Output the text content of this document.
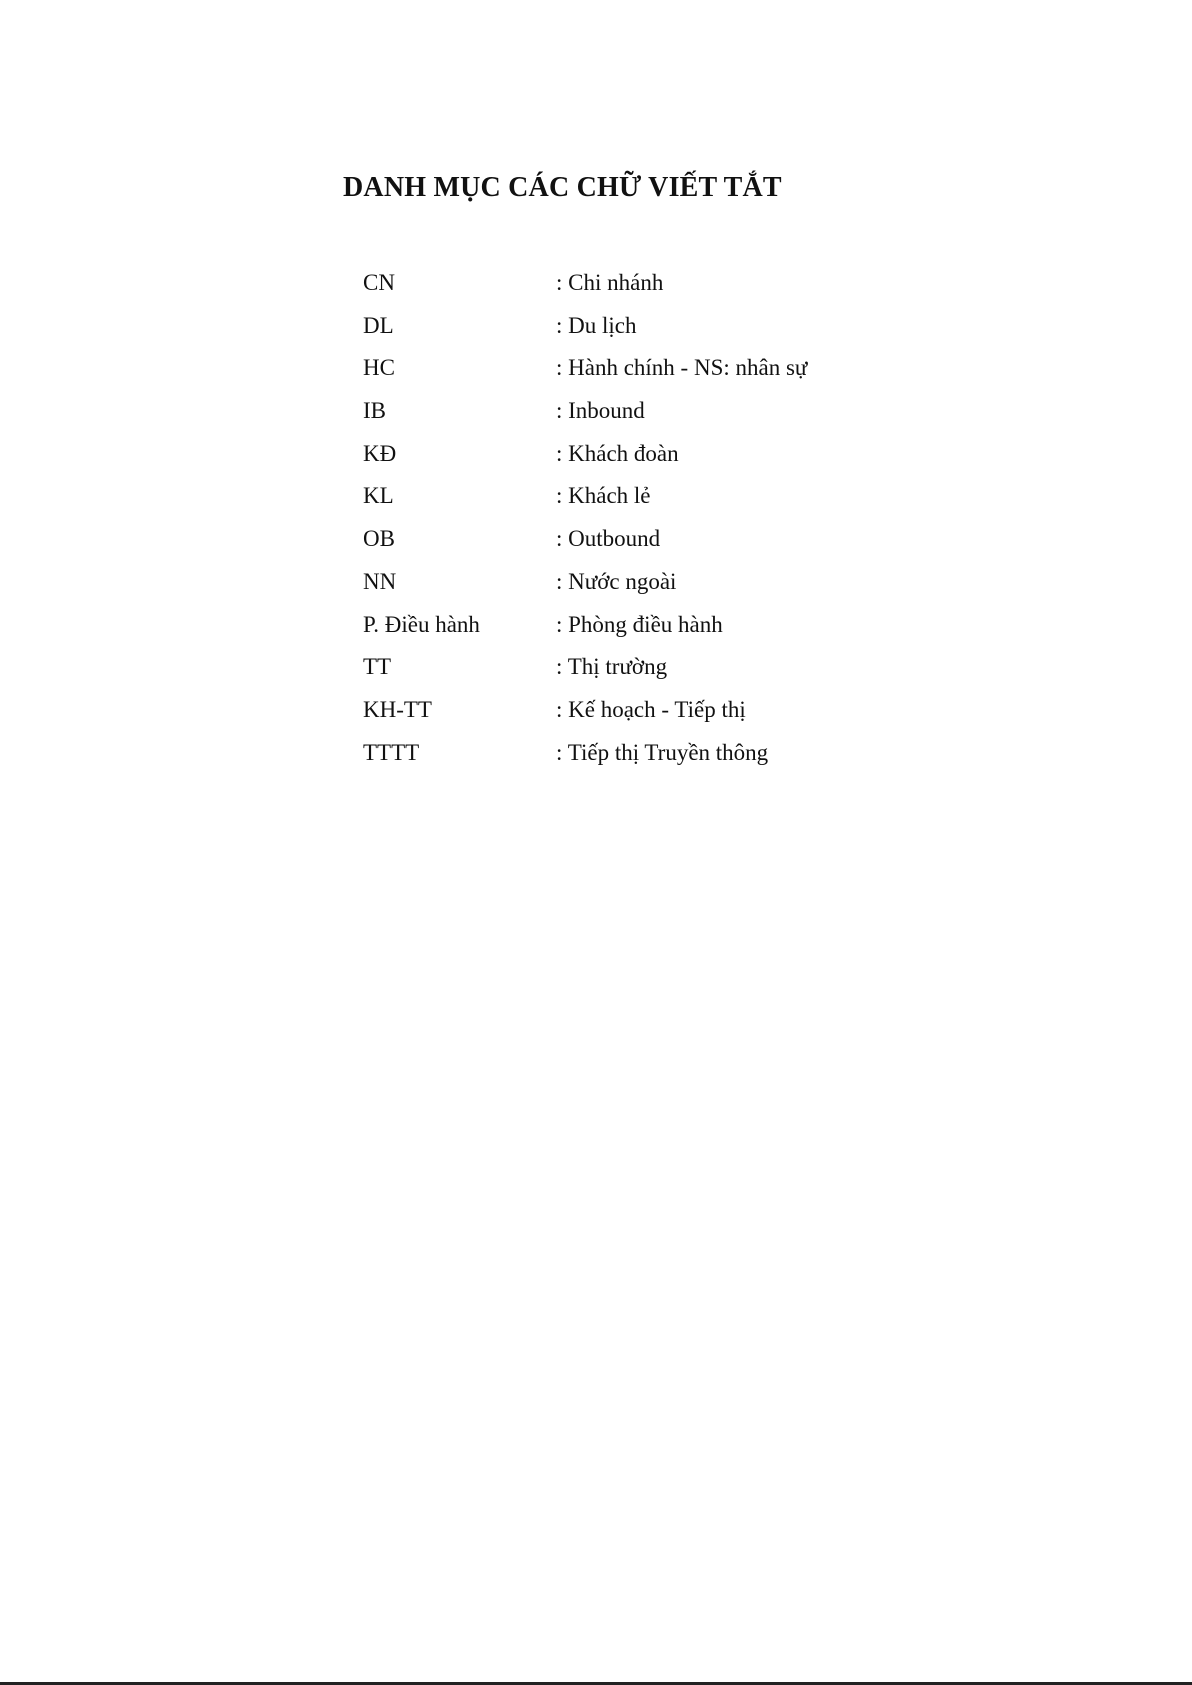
DANH MỤC CÁC CHỮ VIẾT TẮT
CN	: Chi nhánh
DL	: Du lịch
HC	: Hành chính - NS: nhân sự
IB	: Inbound
KĐ	: Khách đoàn
KL	: Khách lẻ
OB	: Outbound
NN	: Nước ngoài
P. Điều hành	: Phòng điều hành
TT	: Thị trường
KH-TT	: Kế hoạch - Tiếp thị
TTTT	: Tiếp thị Truyền thông
